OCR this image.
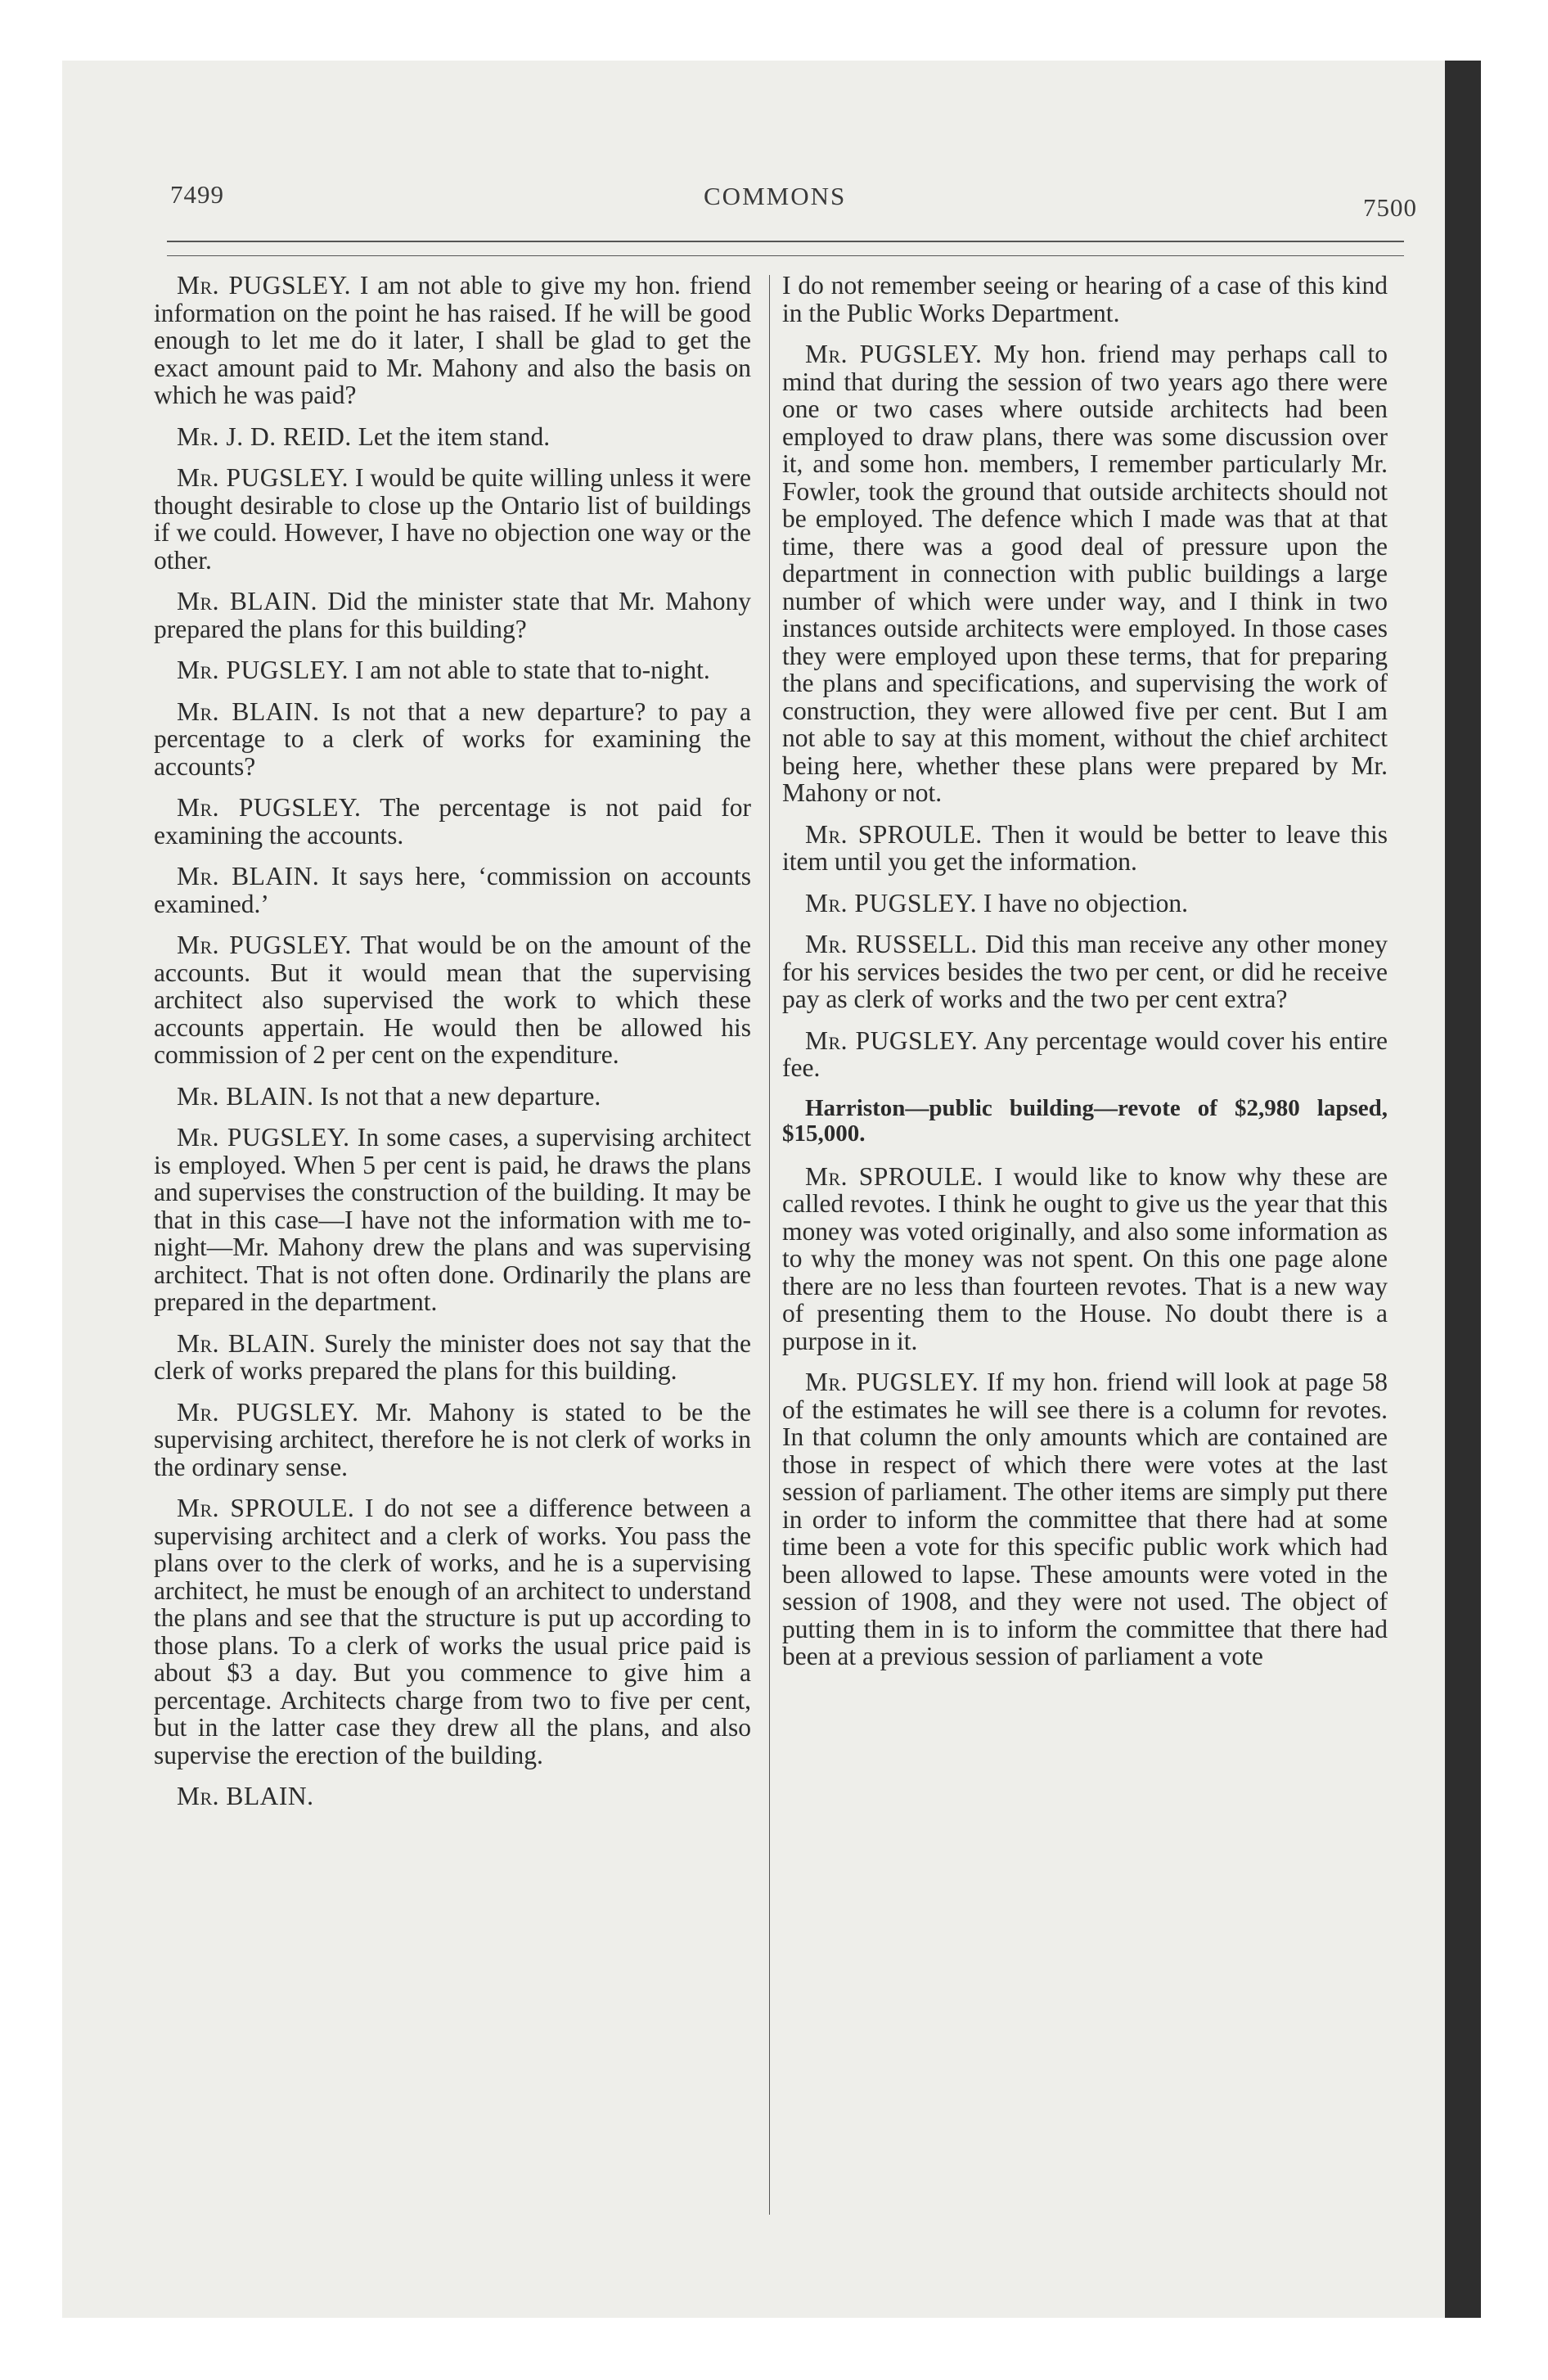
7499	COMMONS	7500

Mr. PUGSLEY. I am not able to give my hon. friend information on the point he has raised. If he will be good enough to let me do it later, I shall be glad to get the exact amount paid to Mr. Mahony and also the basis on which he was paid?

Mr. J. D. REID. Let the item stand.

Mr. PUGSLEY. I would be quite willing unless it were thought desirable to close up the Ontario list of buildings if we could. However, I have no objection one way or the other.

Mr. BLAIN. Did the minister state that Mr. Mahony prepared the plans for this building?

Mr. PUGSLEY. I am not able to state that to-night.

Mr. BLAIN. Is not that a new departure? to pay a percentage to a clerk of works for examining the accounts?

Mr. PUGSLEY. The percentage is not paid for examining the accounts.

Mr. BLAIN. It says here, ‘commission on accounts examined.’

Mr. PUGSLEY. That would be on the amount of the accounts. But it would mean that the supervising architect also supervised the work to which these accounts appertain. He would then be allowed his commission of 2 per cent on the expenditure.

Mr. BLAIN. Is not that a new departure.

Mr. PUGSLEY. In some cases, a supervising architect is employed. When 5 per cent is paid, he draws the plans and supervises the construction of the building. It may be that in this case—I have not the information with me to-night—Mr. Mahony drew the plans and was supervising architect. That is not often done. Ordinarily the plans are prepared in the department.

Mr. BLAIN. Surely the minister does not say that the clerk of works prepared the plans for this building.

Mr. PUGSLEY. Mr. Mahony is stated to be the supervising architect, therefore he is not clerk of works in the ordinary sense.

Mr. SPROULE. I do not see a difference between a supervising architect and a clerk of works. You pass the plans over to the clerk of works, and he is a supervising architect, he must be enough of an architect to understand the plans and see that the structure is put up according to those plans. To a clerk of works the usual price paid is about $3 a day. But you commence to give him a percentage. Architects charge from two to five per cent, but in the latter case they drew all the plans, and also supervise the erection of the building.

Mr. BLAIN.

I do not remember seeing or hearing of a case of this kind in the Public Works Department.

Mr. PUGSLEY. My hon. friend may perhaps call to mind that during the session of two years ago there were one or two cases where outside architects had been employed to draw plans, there was some discussion over it, and some hon. members, I remember particularly Mr. Fowler, took the ground that outside architects should not be employed. The defence which I made was that at that time, there was a good deal of pressure upon the department in connection with public buildings a large number of which were under way, and I think in two instances outside architects were employed. In those cases they were employed upon these terms, that for preparing the plans and specifications, and supervising the work of construction, they were allowed five per cent. But I am not able to say at this moment, without the chief architect being here, whether these plans were prepared by Mr. Mahony or not.

Mr. SPROULE. Then it would be better to leave this item until you get the information.

Mr. PUGSLEY. I have no objection.

Mr. RUSSELL. Did this man receive any other money for his services besides the two per cent, or did he receive pay as clerk of works and the two per cent extra?

Mr. PUGSLEY. Any percentage would cover his entire fee.

Harriston—public building—revote of $2,980 lapsed, $15,000.

Mr. SPROULE. I would like to know why these are called revotes. I think he ought to give us the year that this money was voted originally, and also some information as to why the money was not spent. On this one page alone there are no less than fourteen revotes. That is a new way of presenting them to the House. No doubt there is a purpose in it.

Mr. PUGSLEY. If my hon. friend will look at page 58 of the estimates he will see there is a column for revotes. In that column the only amounts which are contained are those in respect of which there were votes at the last session of parliament. The other items are simply put there in order to inform the committee that there had at some time been a vote for this specific public work which had been allowed to lapse. These amounts were voted in the session of 1908, and they were not used. The object of putting them in is to inform the committee that there had been at a previous session of parliament a vote
